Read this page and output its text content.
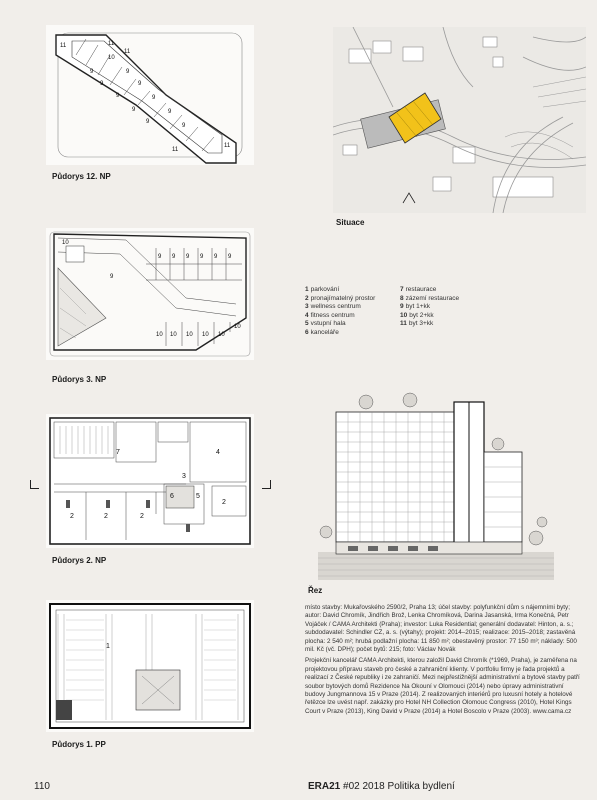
11	11
11
10
9	9
9	9
9	9
9	9
9
9
11
11
Půdorys 12. NP
Situace
10
9 9 9 9 9 9
9
10 10 10 10 10
10
Půdorys 3. NP
1 parkování
2 pronajímatelný prostor
3 wellness centrum
4 fitness centrum
5 vstupní hala
6 kanceláře
7 restaurace
8 zázemí restaurace
9 byt 1+kk
10 byt 2+kk
11 byt 3+kk
7	4
3
6	5
2	2	2
2
Půdorys 2. NP
Řez
1
Půdorys 1. PP

místo stavby: Mukařovského 2590/2, Praha 13; účel stavby: polyfunkční dům s nájemními byty; autor: David Chromík, Jindřich Brož, Lenka Chromíková, Darina Jasanská, Irma Konečná, Petr Vojáček / CAMA Architekti (Praha); investor: Luka Residential; generální dodavatel: Hinton, a. s.; subdodavatel: Schindler CZ, a. s. (výtahy); projekt: 2014–2015; realizace: 2015–2018; zastavěná plocha: 2 540 m²; hrubá podlažní plocha: 11 850 m²; obestavěný prostor: 77 150 m³; náklady: 500 mil. Kč (vč. DPH); počet bytů: 215; foto: Václav Novák

Projekční kancelář CAMA Architekti, kterou založil David Chromík (*1969, Praha), je zaměřena na projektovou přípravu staveb pro české a zahraniční klienty. V portfoliu firmy je řada projektů a realizací z České republiky i ze zahraničí. Mezi nejpřestižnější administrativní a bytové stavby patří soubor bytových domů Rezidence Na Okouní v Olomouci (2014) nebo úpravy administrativní budovy Jungmannova 15 v Praze (2014). Z realizovaných interiérů pro luxusní hotely a hotelové řetězce lze uvést např. zakázky pro Hotel NH Collection Olomouc Congress (2010), Hotel Kings Court v Praze (2013), King David v Praze (2014) a Hotel Boscolo v Praze (2003). www.cama.cz

110	ERA21 #02 2018 Politika bydlení
